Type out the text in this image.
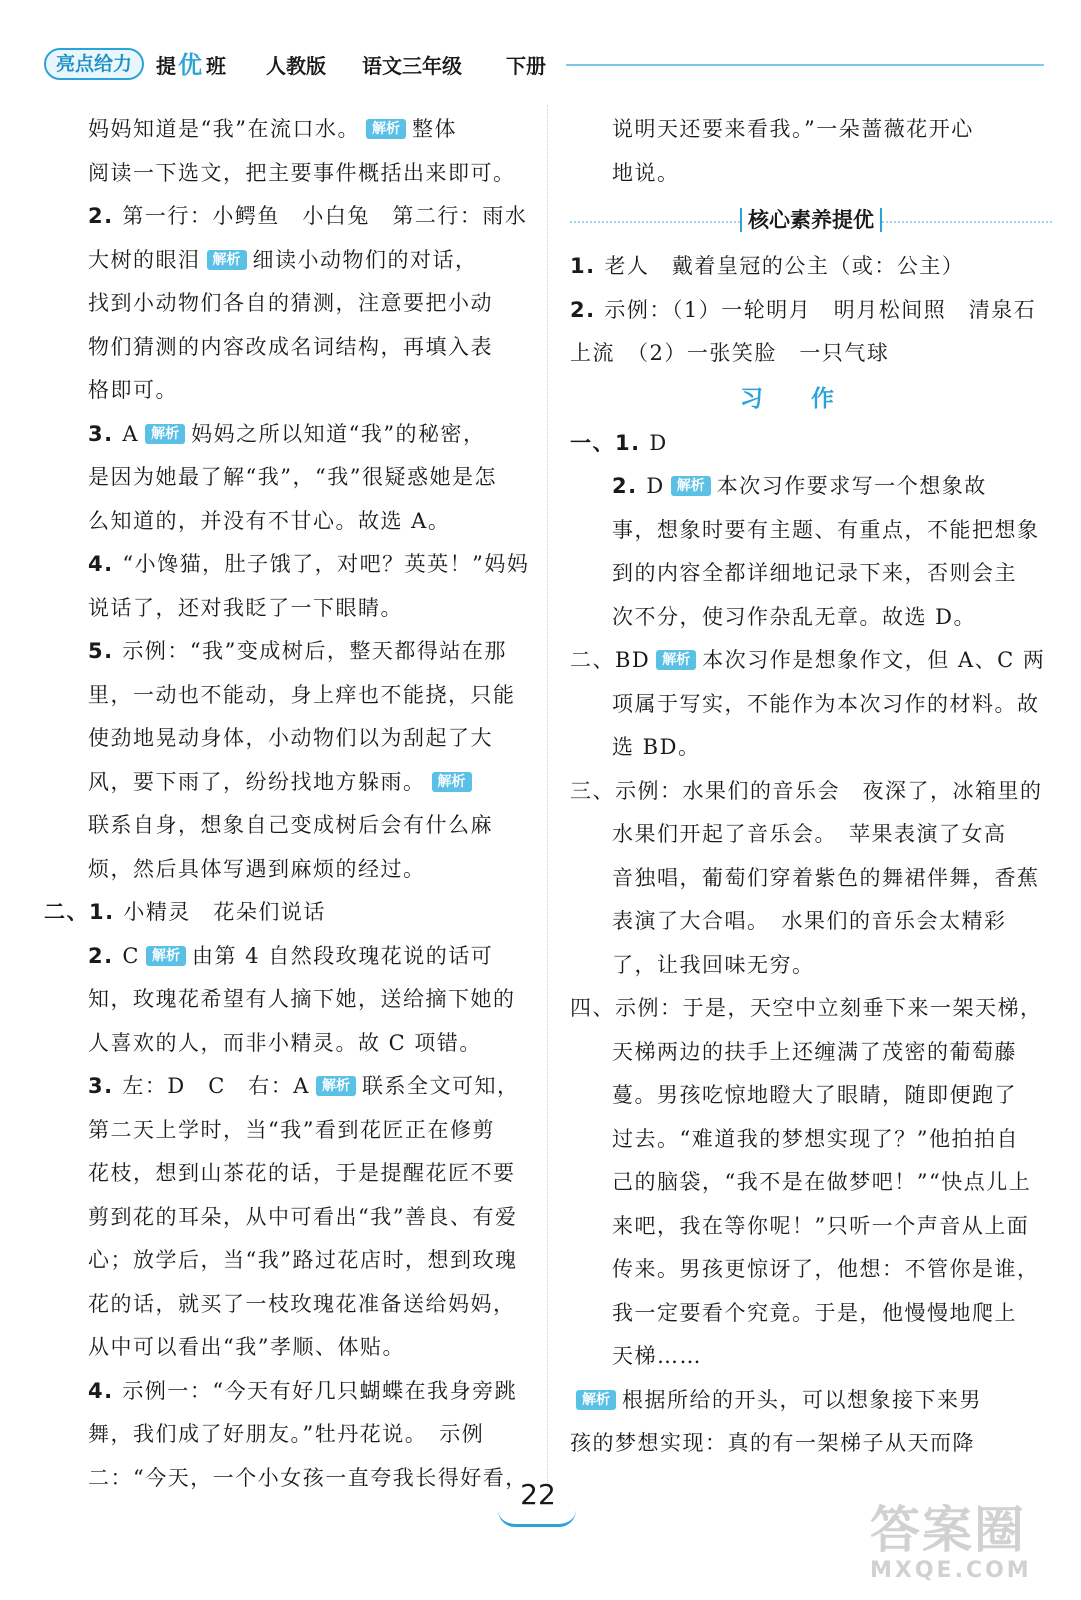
亮点给力	提 优 班 人教版 语文三年级 下册
妈妈知道是“我”在流口水。 解析 整体
阅读一下选文，把主要事件概括出来即可。
2. 第一行：小鳄鱼　小白兔　第二行：雨水
大树的眼泪 解析 细读小动物们的对话，
找到小动物们各自的猜测，注意要把小动
物们猜测的内容改成名词结构，再填入表
格即可。
3. A 解析 妈妈之所以知道“我”的秘密，
是因为她最了解“我”，“我”很疑惑她是怎
么知道的，并没有不甘心。故选 A。
4. “小馋猫，肚子饿了，对吧？英英！”妈妈
说话了，还对我眨了一下眼睛。
5. 示例：“我”变成树后，整天都得站在那
里，一动也不能动，身上痒也不能挠，只能
使劲地晃动身体，小动物们以为刮起了大
风，要下雨了，纷纷找地方躲雨。 解析
联系自身，想象自己变成树后会有什么麻
烦，然后具体写遇到麻烦的经过。
二、1. 小精灵　花朵们说话
2. C 解析 由第 4 自然段玫瑰花说的话可
知，玫瑰花希望有人摘下她，送给摘下她的
人喜欢的人，而非小精灵。故 C 项错。
3. 左：D　C　右：A 解析 联系全文可知，
第二天上学时，当“我”看到花匠正在修剪
花枝，想到山茶花的话，于是提醒花匠不要
剪到花的耳朵，从中可看出“我”善良、有爱
心；放学后，当“我”路过花店时，想到玫瑰
花的话，就买了一枝玫瑰花准备送给妈妈，
从中可以看出“我”孝顺、体贴。
4. 示例一：“今天有好几只蝴蝶在我身旁跳
舞，我们成了好朋友。”牡丹花说。　示例
二：“今天，一个小女孩一直夸我长得好看，
说明天还要来看我。”一朵蔷薇花开心
地说。
核心素养提优
1. 老人　戴着皇冠的公主（或：公主）
2. 示例：（1）一轮明月　明月松间照　清泉石
上流　（2）一张笑脸　一只气球
习作
一、1. D
2. D 解析 本次习作要求写一个想象故
事，想象时要有主题、有重点，不能把想象
到的内容全都详细地记录下来，否则会主
次不分，使习作杂乱无章。故选 D。
二、BD 解析 本次习作是想象作文，但 A、C 两
项属于写实，不能作为本次习作的材料。故
选 BD。
三、示例：水果们的音乐会　夜深了，冰箱里的
水果们开起了音乐会。　苹果表演了女高
音独唱，葡萄们穿着紫色的舞裙伴舞，香蕉
表演了大合唱。　水果们的音乐会太精彩
了，让我回味无穷。
四、示例：于是，天空中立刻垂下来一架天梯，
天梯两边的扶手上还缠满了茂密的葡萄藤
蔓。男孩吃惊地瞪大了眼睛，随即便跑了
过去。“难道我的梦想实现了？”他拍拍自
己的脑袋，“我不是在做梦吧！”“快点儿上
来吧，我在等你呢！”只听一个声音从上面
传来。男孩更惊讶了，他想：不管你是谁，
我一定要看个究竟。于是，他慢慢地爬上
天梯……
解析 根据所给的开头，可以想象接下来男
孩的梦想实现：真的有一架梯子从天而降
22
答案圈
MXQE.COM
